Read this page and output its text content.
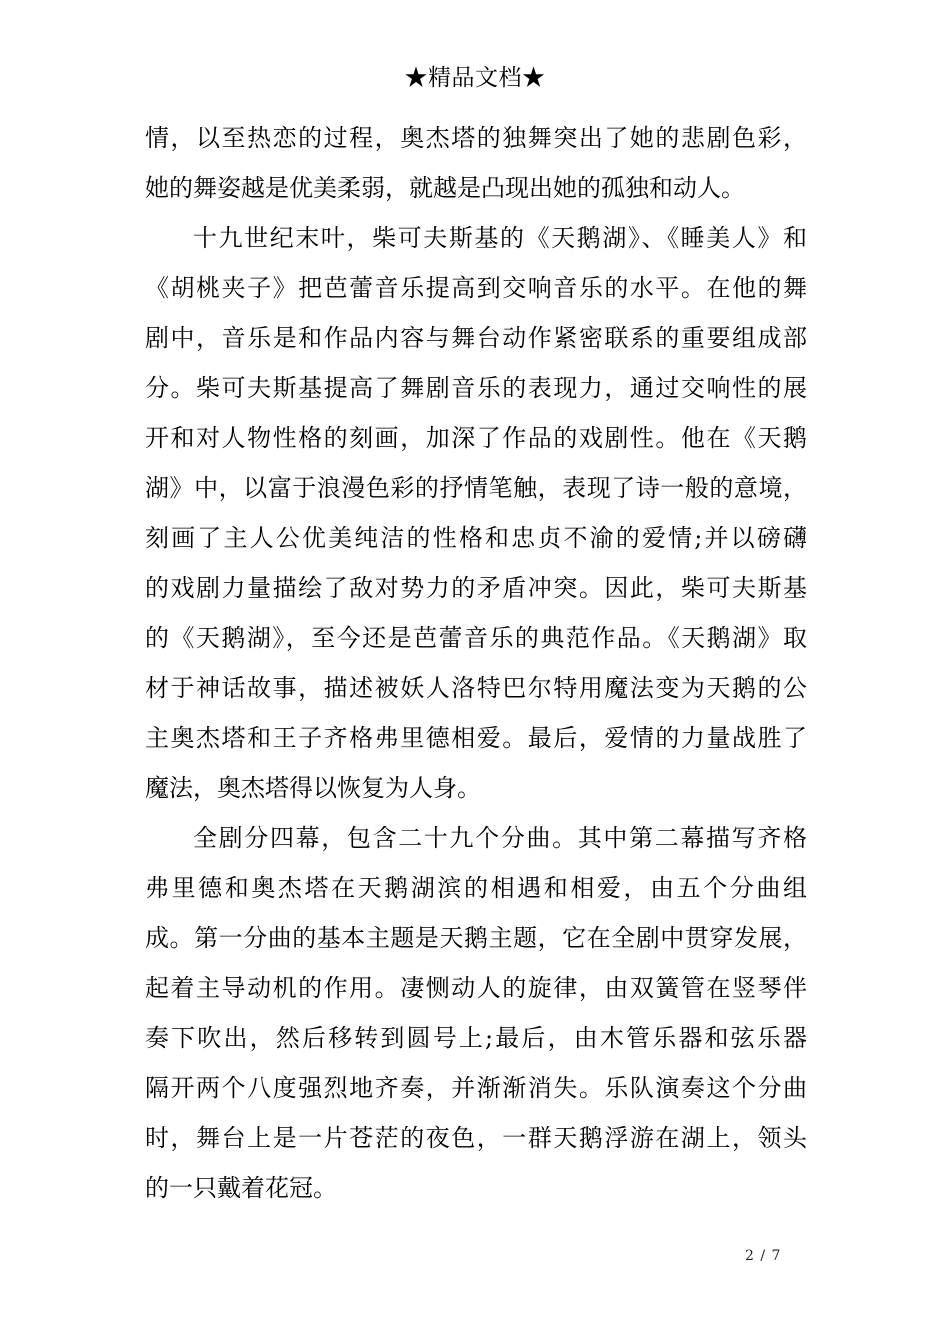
★精品文档★
情，以至热恋的过程，奥杰塔的独舞突出了她的悲剧色彩，
她的舞姿越是优美柔弱，就越是凸现出她的孤独和动人。
十九世纪末叶，柴可夫斯基的《天鹅湖》、《睡美人》和
《胡桃夹子》把芭蕾音乐提高到交响音乐的水平。在他的舞
剧中，音乐是和作品内容与舞台动作紧密联系的重要组成部
分。柴可夫斯基提高了舞剧音乐的表现力，通过交响性的展
开和对人物性格的刻画，加深了作品的戏剧性。他在《天鹅
湖》中，以富于浪漫色彩的抒情笔触，表现了诗一般的意境，
刻画了主人公优美纯洁的性格和忠贞不渝的爱情;并以磅礴
的戏剧力量描绘了敌对势力的矛盾冲突。因此，柴可夫斯基
的《天鹅湖》，至今还是芭蕾音乐的典范作品。《天鹅湖》取
材于神话故事，描述被妖人洛特巴尔特用魔法变为天鹅的公
主奥杰塔和王子齐格弗里德相爱。最后，爱情的力量战胜了
魔法，奥杰塔得以恢复为人身。
全剧分四幕，包含二十九个分曲。其中第二幕描写齐格
弗里德和奥杰塔在天鹅湖滨的相遇和相爱，由五个分曲组
成。第一分曲的基本主题是天鹅主题，它在全剧中贯穿发展，
起着主导动机的作用。凄恻动人的旋律，由双簧管在竖琴伴
奏下吹出，然后移转到圆号上;最后，由木管乐器和弦乐器
隔开两个八度强烈地齐奏，并渐渐消失。乐队演奏这个分曲
时，舞台上是一片苍茫的夜色，一群天鹅浮游在湖上，领头
的一只戴着花冠。
2 / 7
